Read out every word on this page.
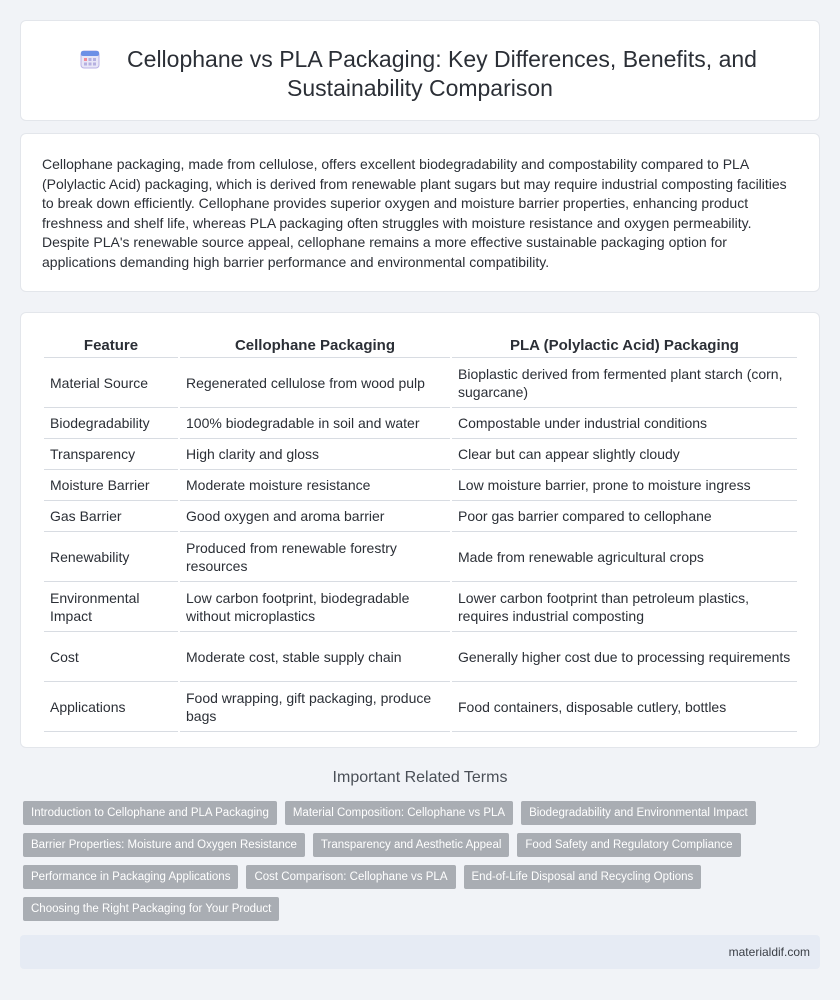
Cellophane vs PLA Packaging: Key Differences, Benefits, and
Sustainability Comparison

Cellophane packaging, made from cellulose, offers excellent biodegradability and compostability compared to PLA (Polylactic Acid) packaging, which is derived from renewable plant sugars but may require industrial composting facilities to break down efficiently. Cellophane provides superior oxygen and moisture barrier properties, enhancing product freshness and shelf life, whereas PLA packaging often struggles with moisture resistance and oxygen permeability. Despite PLA's renewable source appeal, cellophane remains a more effective sustainable packaging option for applications demanding high barrier performance and environmental compatibility.

Feature	Cellophane Packaging	PLA (Polylactic Acid) Packaging
Material Source	Regenerated cellulose from wood pulp	Bioplastic derived from fermented plant starch (corn, sugarcane)
Biodegradability	100% biodegradable in soil and water	Compostable under industrial conditions
Transparency	High clarity and gloss	Clear but can appear slightly cloudy
Moisture Barrier	Moderate moisture resistance	Low moisture barrier, prone to moisture ingress
Gas Barrier	Good oxygen and aroma barrier	Poor gas barrier compared to cellophane
Renewability	Produced from renewable forestry resources	Made from renewable agricultural crops
Environmental Impact	Low carbon footprint, biodegradable without microplastics	Lower carbon footprint than petroleum plastics, requires industrial composting
Cost	Moderate cost, stable supply chain	Generally higher cost due to processing requirements
Applications	Food wrapping, gift packaging, produce bags	Food containers, disposable cutlery, bottles
Important Related Terms
Introduction to Cellophane and PLA Packaging	Material Composition: Cellophane vs PLA	Biodegradability and Environmental Impact
Barrier Properties: Moisture and Oxygen Resistance	Transparency and Aesthetic Appeal	Food Safety and Regulatory Compliance
Performance in Packaging Applications	Cost Comparison: Cellophane vs PLA	End-of-Life Disposal and Recycling Options
Choosing the Right Packaging for Your Product
materialdif.com
